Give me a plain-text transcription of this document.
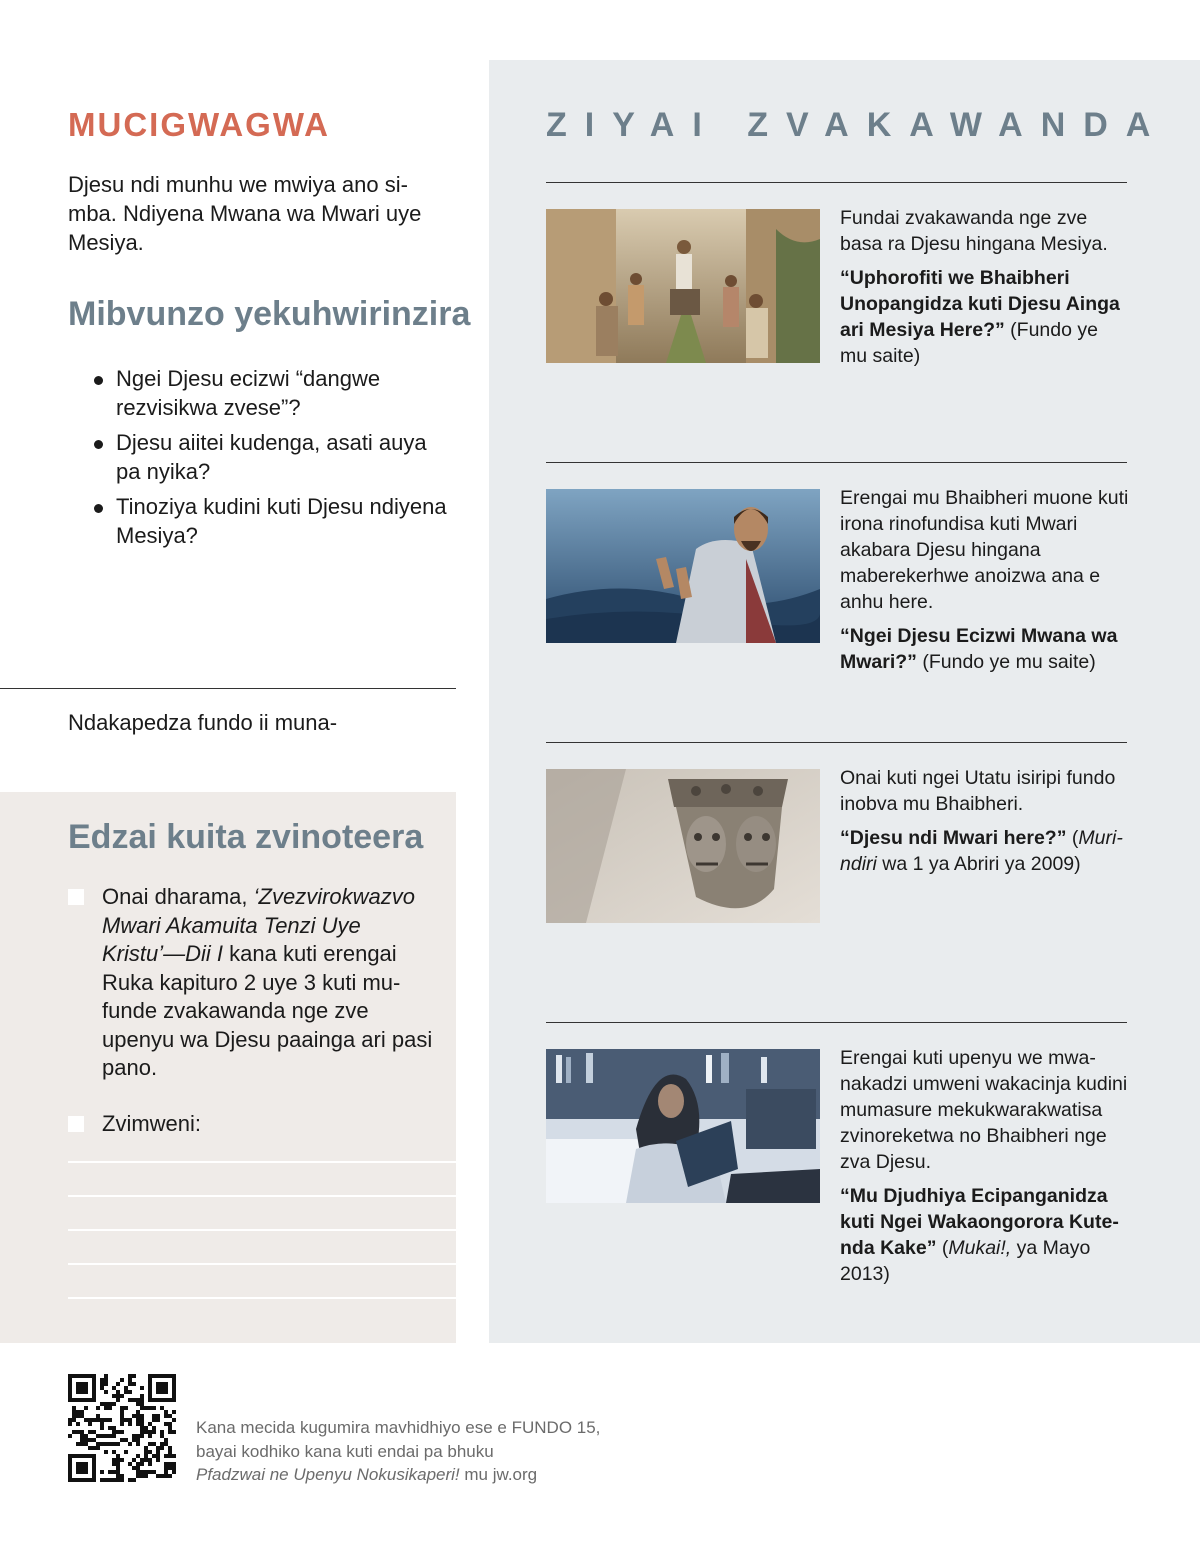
MUCIGWAGWA

Djesu ndi munhu we mwiya ano simba. Ndiyena Mwana wa Mwari uye Mesiya.

Mibvunzo yekuhwirinzira
Ngei Djesu ecizwi “dangwe rezvisikwa zvese”?
Djesu aiitei kudenga, asati auya pa nyika?
Tinoziya kudini kuti Djesu ndiyena Mesiya?

Ndakapedza fundo ii muna-

Edzai kuita zvinoteera
Onai dharama, ‘Zvezvirokwazvo Mwari Akamuita Tenzi Uye Kristu’—Dii I kana kuti erengai Ruka kapituro 2 uye 3 kuti mufunde zvakawanda nge zve upenyu wa Djesu paainga ari pasi pano.
Zvimweni:
ZIYAI ZVAKAWANDA

Fundai zvakawanda nge zve basa ra Djesu hingana Mesiya.

“Uphorofiti we Bhaibheri Unopangidza kuti Djesu Ainga ari Mesiya Here?” (Fundo ye mu saite)

Erengai mu Bhaibheri muone kuti irona rinofundisa kuti Mwari akabara Djesu hingana maberekerhwe anoizwa ana e anhu here.

“Ngei Djesu Ecizwi Mwana wa Mwari?” (Fundo ye mu saite)

Onai kuti ngei Utatu isiripi fundo inobva mu Bhaibheri.

“Djesu ndi Mwari here?” (Murindiri wa 1 ya Abriri ya 2009)

Erengai kuti upenyu we mwanakadzi umweni wakacinja kudini mumasure mekukwarakwatisa zvinoreketwa no Bhaibheri nge zva Djesu.

“Mu Djudhiya Ecipanganidza kuti Ngei Wakaongorora Kutenda Kake” (Mukai!, ya Mayo 2013)

Kana mecida kugumira mavhidhiyo ese e FUNDO 15,
bayai kodhiko kana kuti endai pa bhuku
Pfadzwai ne Upenyu Nokusikaperi! mu jw.org
